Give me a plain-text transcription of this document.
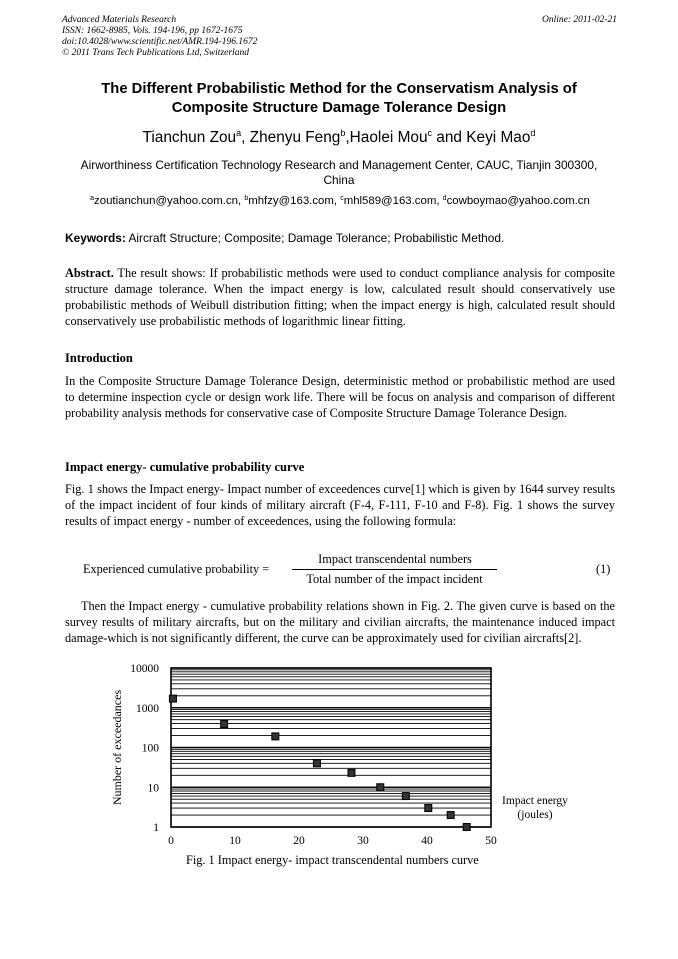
Advanced Materials Research
ISSN: 1662-8985, Vols. 194-196, pp 1672-1675
doi:10.4028/www.scientific.net/AMR.194-196.1672
© 2011 Trans Tech Publications Ltd, Switzerland
Online: 2011-02-21
The Different Probabilistic Method for the Conservatism Analysis of
Composite Structure Damage Tolerance Design
Tianchun Zou$^a$, Zhenyu Feng$^b$,Haolei Mou$^c$ and Keyi Mao$^d$
Airworthiness Certification Technology Research and Management Center, CAUC, Tianjin 300300,
China
$^a$zoutianchun@yahoo.com.cn, $^b$mhfzy@163.com, $^c$mhl589@163.com, $^d$cowboymao@yahoo.com.cn
Keywords: Aircraft Structure; Composite; Damage Tolerance; Probabilistic Method.
Abstract. The result shows: If probabilistic methods were used to conduct compliance analysis for composite structure damage tolerance. When the impact energy is low, calculated result should conservatively use probabilistic methods of Weibull distribution fitting; when the impact energy is high, calculated result should conservatively use probabilistic methods of logarithmic linear fitting.
Introduction
In the Composite Structure Damage Tolerance Design, deterministic method or probabilistic method are used to determine inspection cycle or design work life. There will be focus on analysis and comparison of different probability analysis methods for conservative case of Composite Structure Damage Tolerance Design.
Impact energy- cumulative probability curve
Fig. 1 shows the Impact energy- Impact number of exceedences curve[1] which is given by 1644 survey results of the impact incident of four kinds of military aircraft (F-4, F-111, F-10 and F-8). Fig. 1 shows the survey results of impact energy - number of exceedences, using the following formula:
Experienced cumulative probability =
Impact transcendental numbers
Total number of the impact incident
(1)
Then the Impact energy - cumulative probability relations shown in Fig. 2. The given curve is based on the survey results of military aircrafts, but on the military and civilian aircrafts, the maintenance induced impact damage-which is not significantly different, the curve can be approximately used for civilian aircrafts[2].
1
10
100
1000
10000
0	10	20	30	40	50
Number of exceedances	Impact energy
(joules)
Fig. 1 Impact energy- impact transcendental numbers curve
